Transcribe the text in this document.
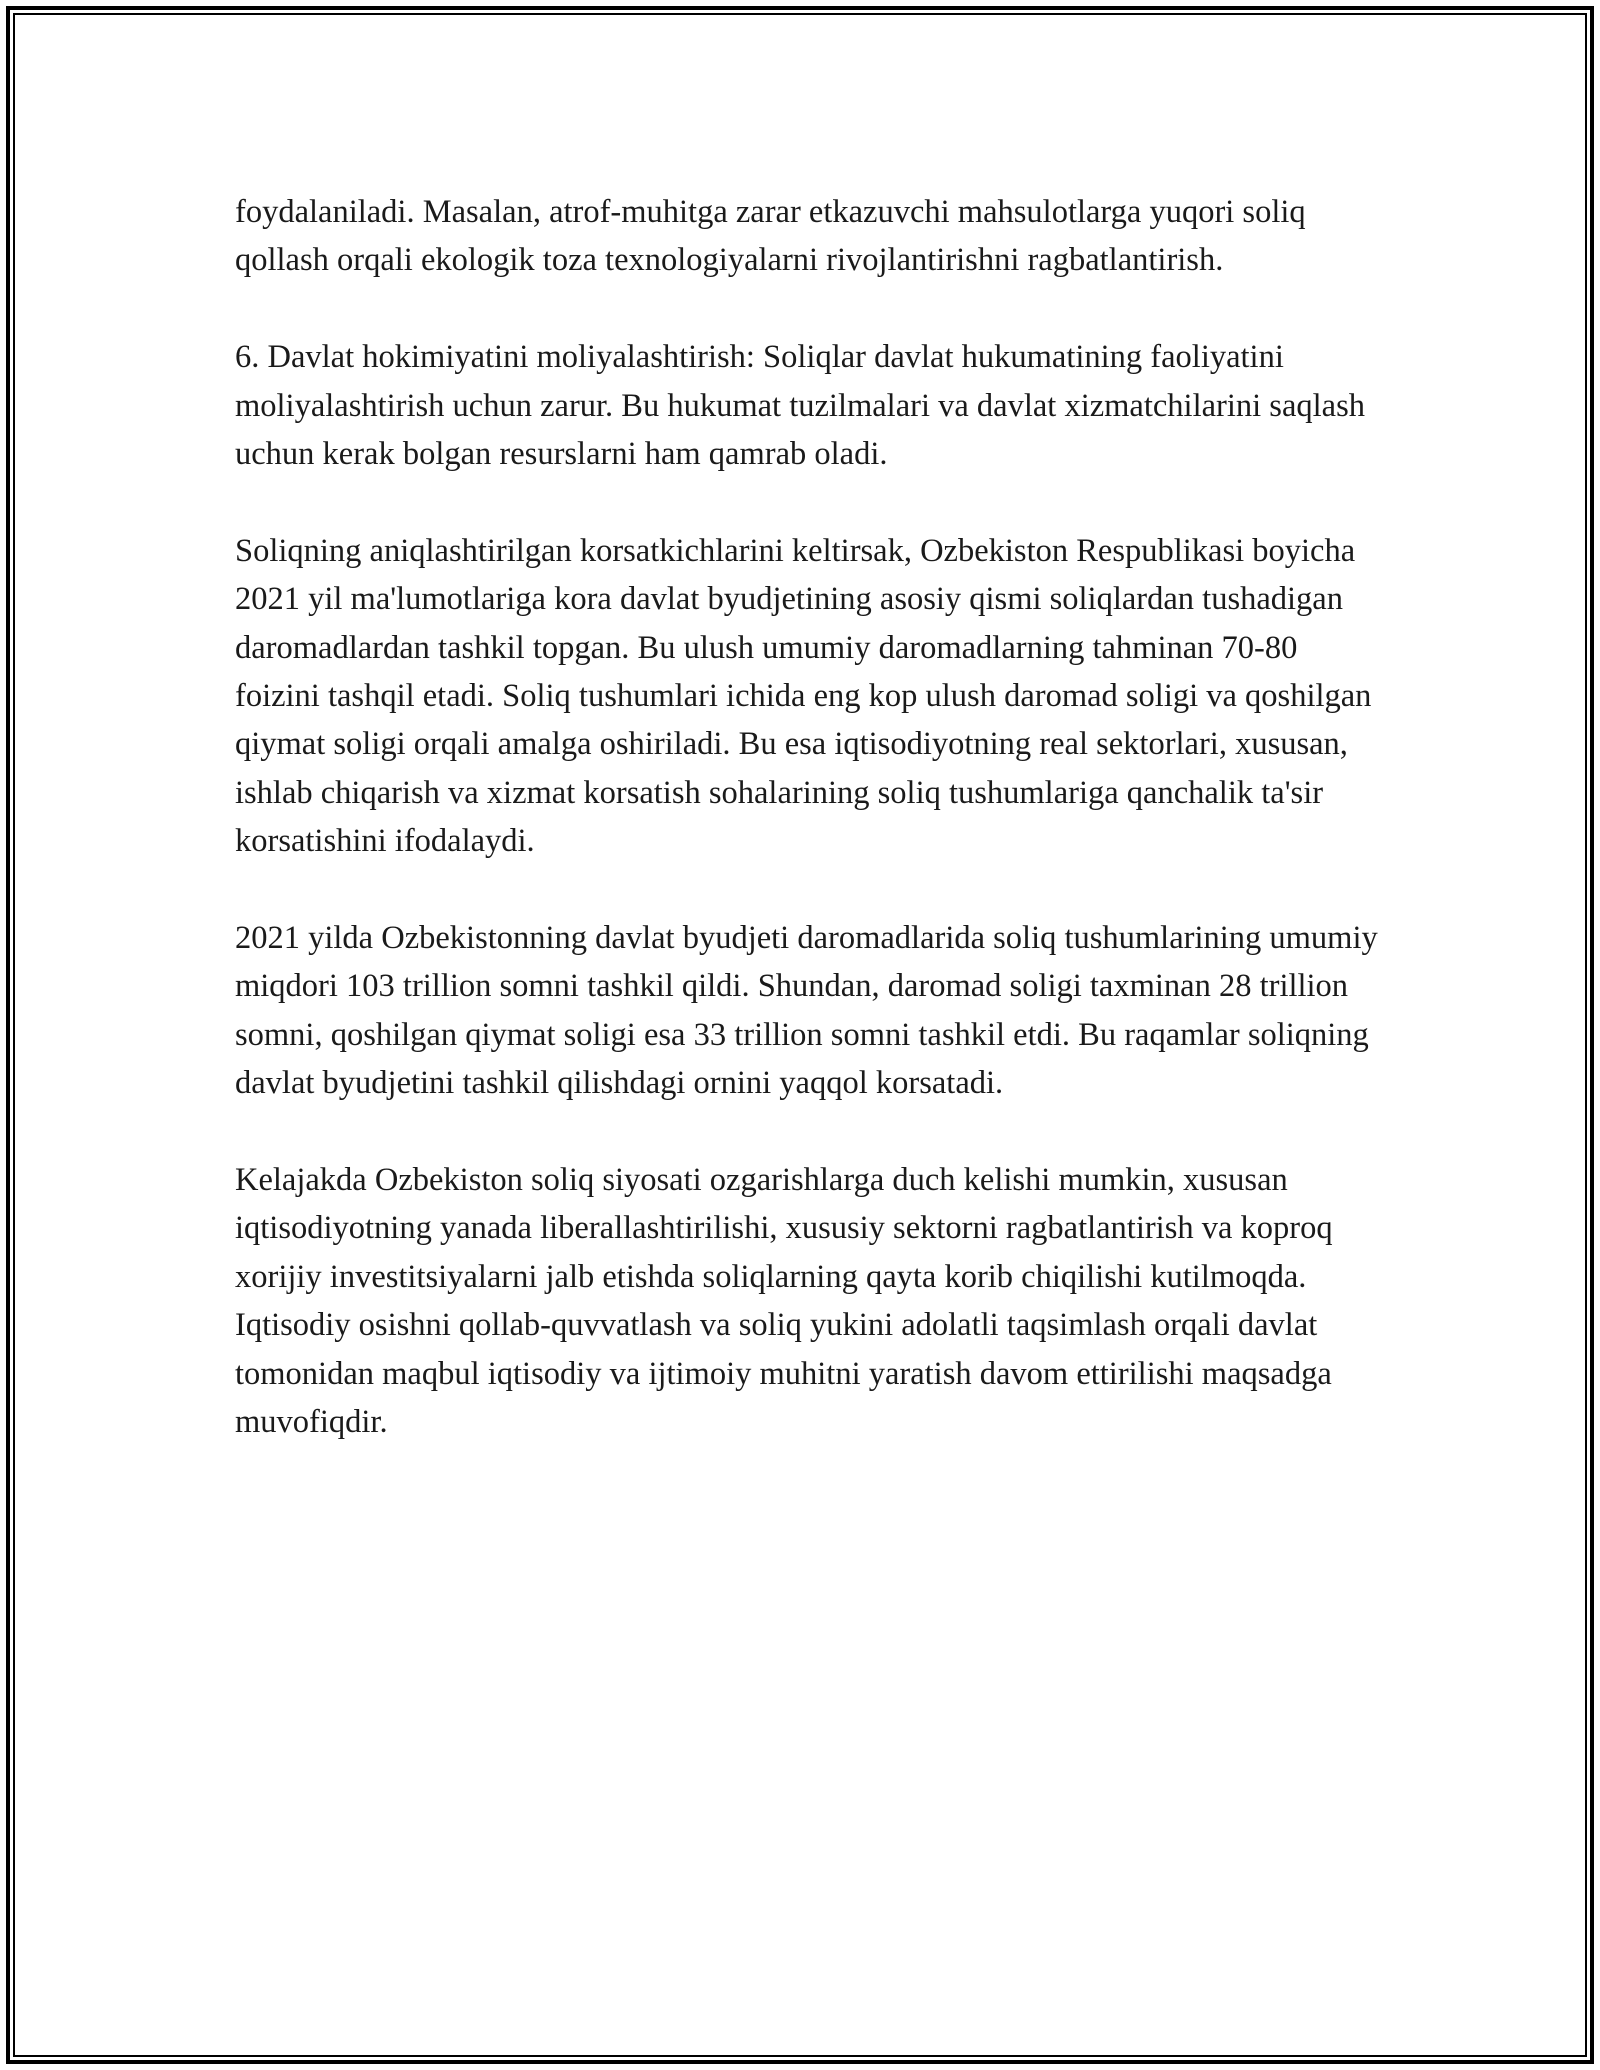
foydalaniladi. Masalan, atrof-muhitga zarar etkazuvchi mahsulotlarga yuqori soliq qollash orqali ekologik toza texnologiyalarni rivojlantirishni ragbatlantirish.

6. Davlat hokimiyatini moliyalashtirish: Soliqlar davlat hukumatining faoliyatini moliyalashtirish uchun zarur. Bu hukumat tuzilmalari va davlat xizmatchilarini saqlash uchun kerak bolgan resurslarni ham qamrab oladi.

Soliqning aniqlashtirilgan korsatkichlarini keltirsak, Ozbekiston Respublikasi boyicha 2021 yil ma'lumotlariga kora davlat byudjetining asosiy qismi soliqlardan tushadigan daromadlardan tashkil topgan. Bu ulush umumiy daromadlarning tahminan 70-80 foizini tashqil etadi. Soliq tushumlari ichida eng kop ulush daromad soligi va qoshilgan qiymat soligi orqali amalga oshiriladi. Bu esa iqtisodiyotning real sektorlari, xususan, ishlab chiqarish va xizmat korsatish sohalarining soliq tushumlariga qanchalik ta'sir korsatishini ifodalaydi.

2021 yilda Ozbekistonning davlat byudjeti daromadlarida soliq tushumlarining umumiy miqdori 103 trillion somni tashkil qildi. Shundan, daromad soligi taxminan 28 trillion somni, qoshilgan qiymat soligi esa 33 trillion somni tashkil etdi. Bu raqamlar soliqning davlat byudjetini tashkil qilishdagi ornini yaqqol korsatadi.

Kelajakda Ozbekiston soliq siyosati ozgarishlarga duch kelishi mumkin, xususan iqtisodiyotning yanada liberallashtirilishi, xususiy sektorni ragbatlantirish va koproq xorijiy investitsiyalarni jalb etishda soliqlarning qayta korib chiqilishi kutilmoqda. Iqtisodiy osishni qollab-quvvatlash va soliq yukini adolatli taqsimlash orqali davlat tomonidan maqbul iqtisodiy va ijtimoiy muhitni yaratish davom ettirilishi maqsadga muvofiqdir.
